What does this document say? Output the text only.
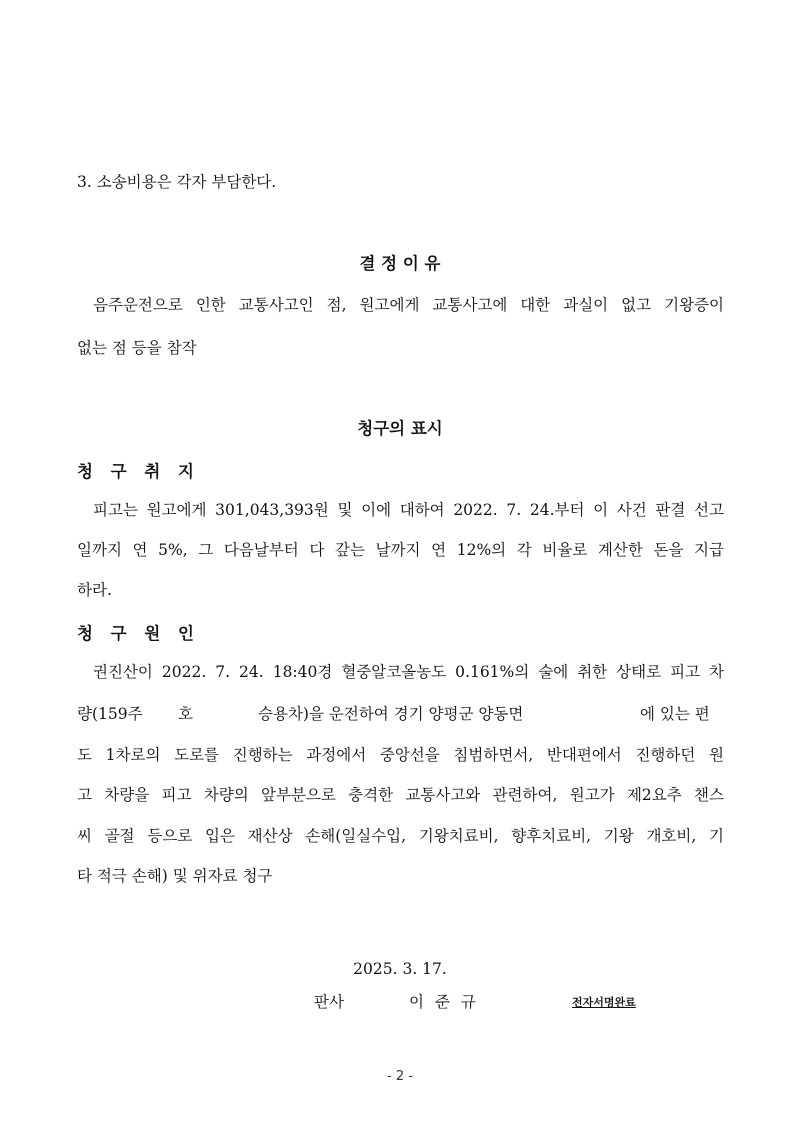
3. 소송비용은 각자 부담한다.
결 정 이 유
음주운전으로 인한 교통사고인 점, 원고에게 교통사고에 대한 과실이 없고 기왕증이
없는 점 등을 참작
청구의 표시
청 구 취 지
피고는 원고에게 301,043,393원 및 이에 대하여 2022. 7. 24.부터 이 사건 판결 선고
일까지 연 5%, 그 다음날부터 다 갚는 날까지 연 12%의 각 비율로 계산한 돈을 지급
하라.
청 구 원 인
권진산이 2022. 7. 24. 18:40경 혈중알코올농도 0.161%의 술에 취한 상태로 피고 차
량(159주 호	승용차)을 운전하여 경기 양평군 양동면	에 있는 편
도 1차로의 도로를 진행하는 과정에서 중앙선을 침범하면서, 반대편에서 진행하던 원
고 차량을 피고 차량의 앞부분으로 충격한 교통사고와 관련하여, 원고가 제2요추 챈스
씨 골절 등으로 입은 재산상 손해(일실수입, 기왕치료비, 향후치료비, 기왕 개호비, 기
타 적극 손해) 및 위자료 청구
2025. 3. 17.
판사	이 준 규	전자서명완료
- 2 -
